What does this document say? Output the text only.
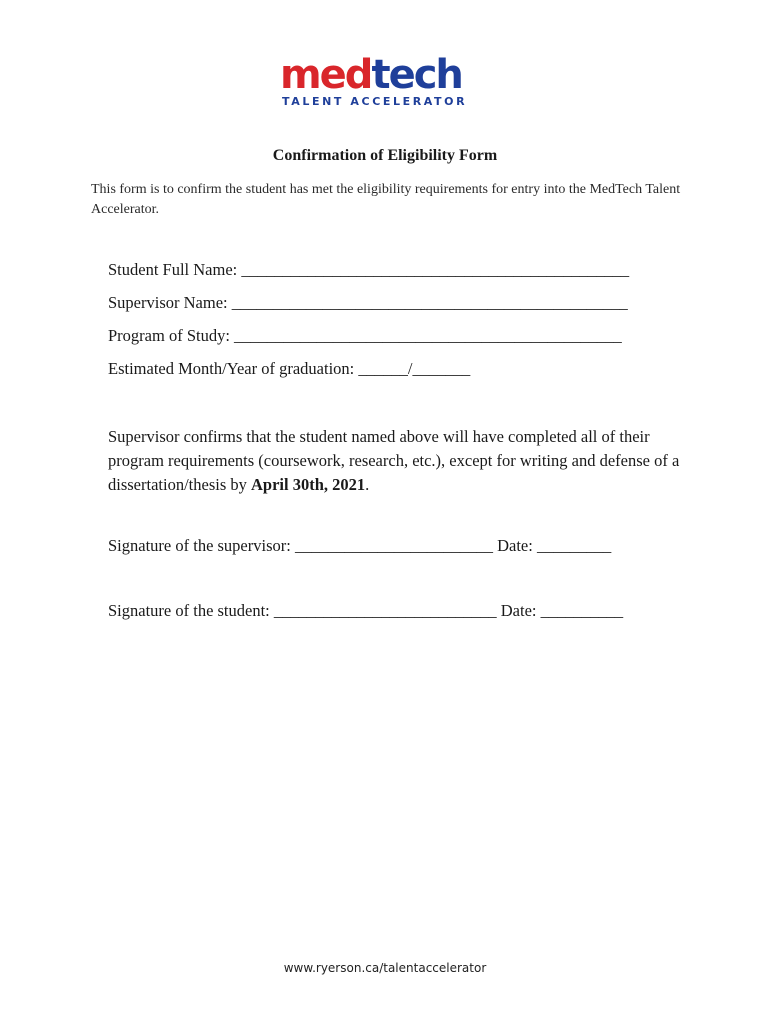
medtech
TALENT ACCELERATOR
Confirmation of Eligibility Form

This form is to confirm the student has met the eligibility requirements for entry into the MedTech Talent Accelerator.

Student Full Name: _______________________________________________

Supervisor Name: ________________________________________________

Program of Study: _______________________________________________

Estimated Month/Year of graduation: ______/_______

Supervisor confirms that the student named above will have completed all of their program requirements (coursework, research, etc.), except for writing and defense of a dissertation/thesis by April 30th, 2021.

Signature of the supervisor: ________________________ Date: _________

Signature of the student: ___________________________ Date: __________

www.ryerson.ca/talentaccelerator
